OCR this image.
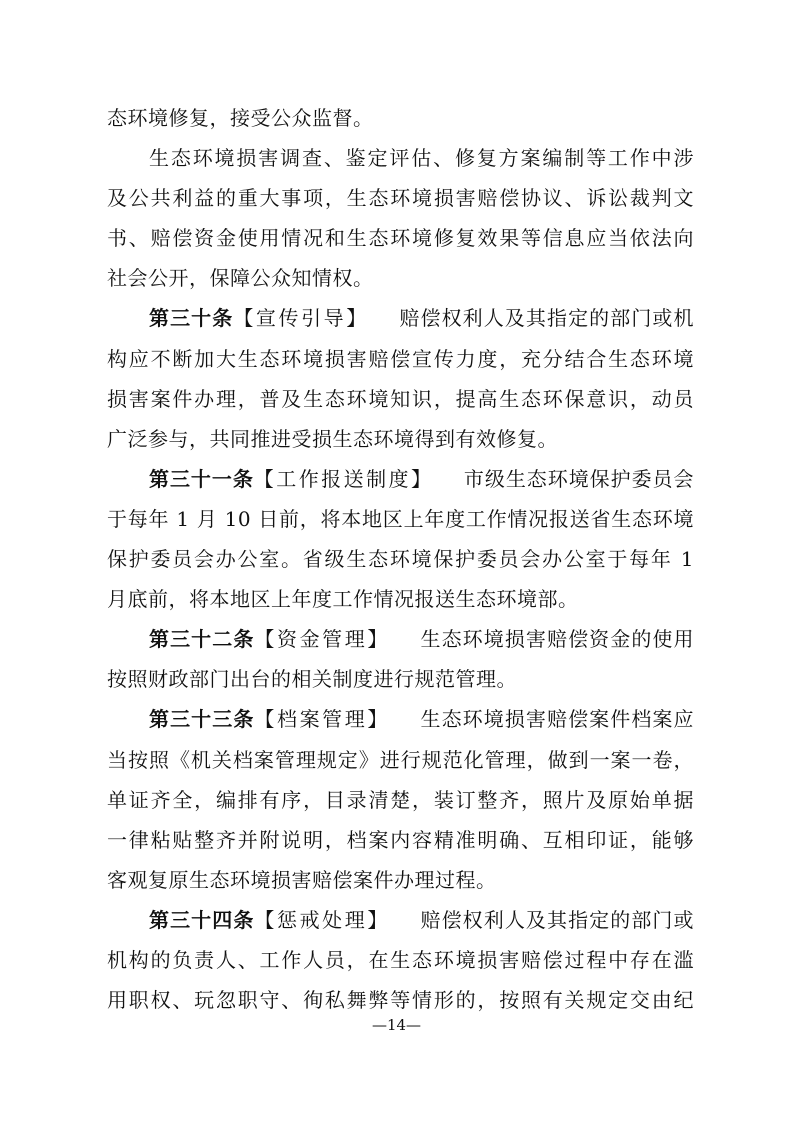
态环境修复，接受公众监督。
生态环境损害调查、鉴定评估、修复方案编制等工作中涉
及公共利益的重大事项，生态环境损害赔偿协议、诉讼裁判文
书、赔偿资金使用情况和生态环境修复效果等信息应当依法向
社会公开，保障公众知情权。
第三十条【宣传引导】 赔偿权利人及其指定的部门或机
构应不断加大生态环境损害赔偿宣传力度，充分结合生态环境
损害案件办理，普及生态环境知识，提高生态环保意识，动员
广泛参与，共同推进受损生态环境得到有效修复。
第三十一条【工作报送制度】 市级生态环境保护委员会
于每年 1 月 10 日前，将本地区上年度工作情况报送省生态环境
保护委员会办公室。省级生态环境保护委员会办公室于每年 1
月底前，将本地区上年度工作情况报送生态环境部。
第三十二条【资金管理】 生态环境损害赔偿资金的使用
按照财政部门出台的相关制度进行规范管理。
第三十三条【档案管理】 生态环境损害赔偿案件档案应
当按照《机关档案管理规定》进行规范化管理，做到一案一卷，
单证齐全，编排有序，目录清楚，装订整齐，照片及原始单据
一律粘贴整齐并附说明，档案内容精准明确、互相印证，能够
客观复原生态环境损害赔偿案件办理过程。
第三十四条【惩戒处理】 赔偿权利人及其指定的部门或
机构的负责人、工作人员，在生态环境损害赔偿过程中存在滥
用职权、玩忽职守、徇私舞弊等情形的，按照有关规定交由纪
—14—
